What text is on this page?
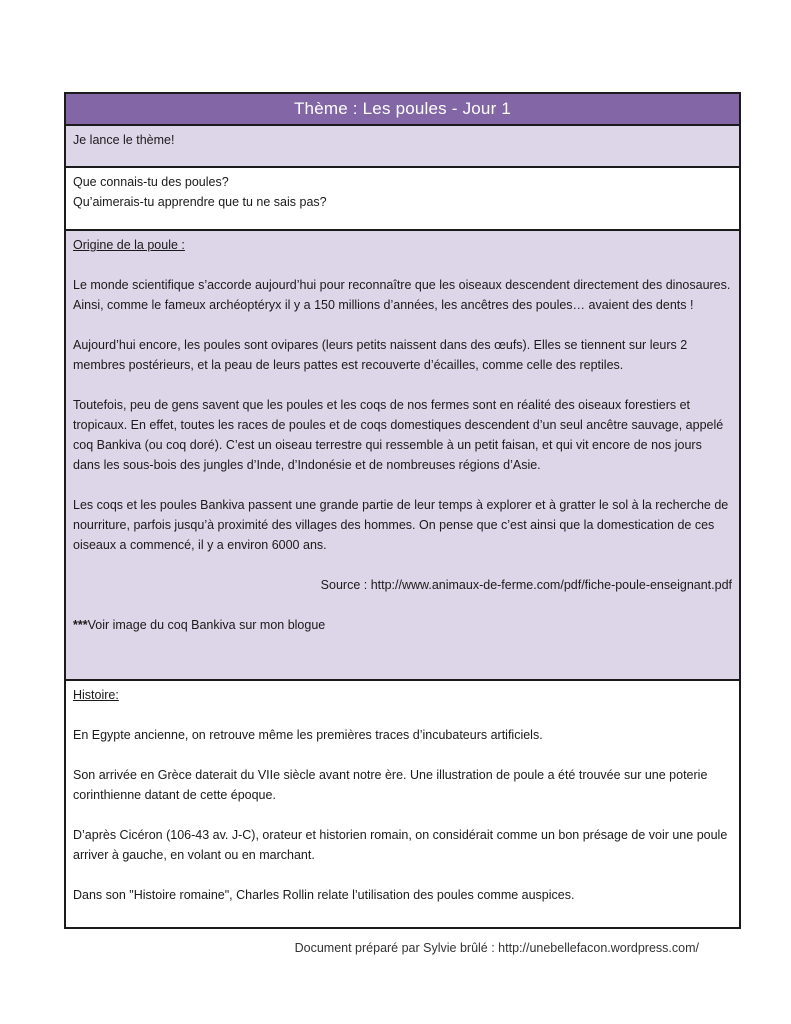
Thème : Les poules - Jour 1

Je lance le thème!

Que connais-tu des poules?

Qu’aimerais-tu apprendre que tu ne sais pas?

Origine de la poule :

Le monde scientifique s’accorde aujourd’hui pour reconnaître que les oiseaux descendent directement des dinosaures. Ainsi, comme le fameux archéoptéryx il y a 150 millions d’années, les ancêtres des poules… avaient des dents !

Aujourd’hui encore, les poules sont ovipares (leurs petits naissent dans des œufs). Elles se tiennent sur leurs 2 membres postérieurs, et la peau de leurs pattes est recouverte d’écailles, comme celle des reptiles.

Toutefois, peu de gens savent que les poules et les coqs de nos fermes sont en réalité des oiseaux forestiers et tropicaux. En effet, toutes les races de poules et de coqs domestiques descendent d’un seul ancêtre sauvage, appelé coq Bankiva (ou coq doré). C’est un oiseau terrestre qui ressemble à un petit faisan, et qui vit encore de nos jours dans les sous-bois des jungles d’Inde, d’Indonésie et de nombreuses régions d’Asie.

Les coqs et les poules Bankiva passent une grande partie de leur temps à explorer et à gratter le sol à la recherche de nourriture, parfois jusqu’à proximité des villages des hommes. On pense que c’est ainsi que la domestication de ces oiseaux a commencé, il y a environ 6000 ans.

Source : http://www.animaux-de-ferme.com/pdf/fiche-poule-enseignant.pdf

***Voir image du coq Bankiva sur mon blogue

Histoire:

En Egypte ancienne, on retrouve même les premières traces d’incubateurs artificiels.

Son arrivée en Grèce daterait du VIIe siècle avant notre ère. Une illustration de poule a été trouvée sur une poterie corinthienne datant de cette époque.

D’après Cicéron (106-43 av. J-C), orateur et historien romain, on considérait comme un bon présage de voir une poule arriver à gauche, en volant ou en marchant.

Dans son "Histoire romaine", Charles Rollin relate l’utilisation des poules comme auspices.

Document préparé par Sylvie brûlé : http://unebellefacon.wordpress.com/
